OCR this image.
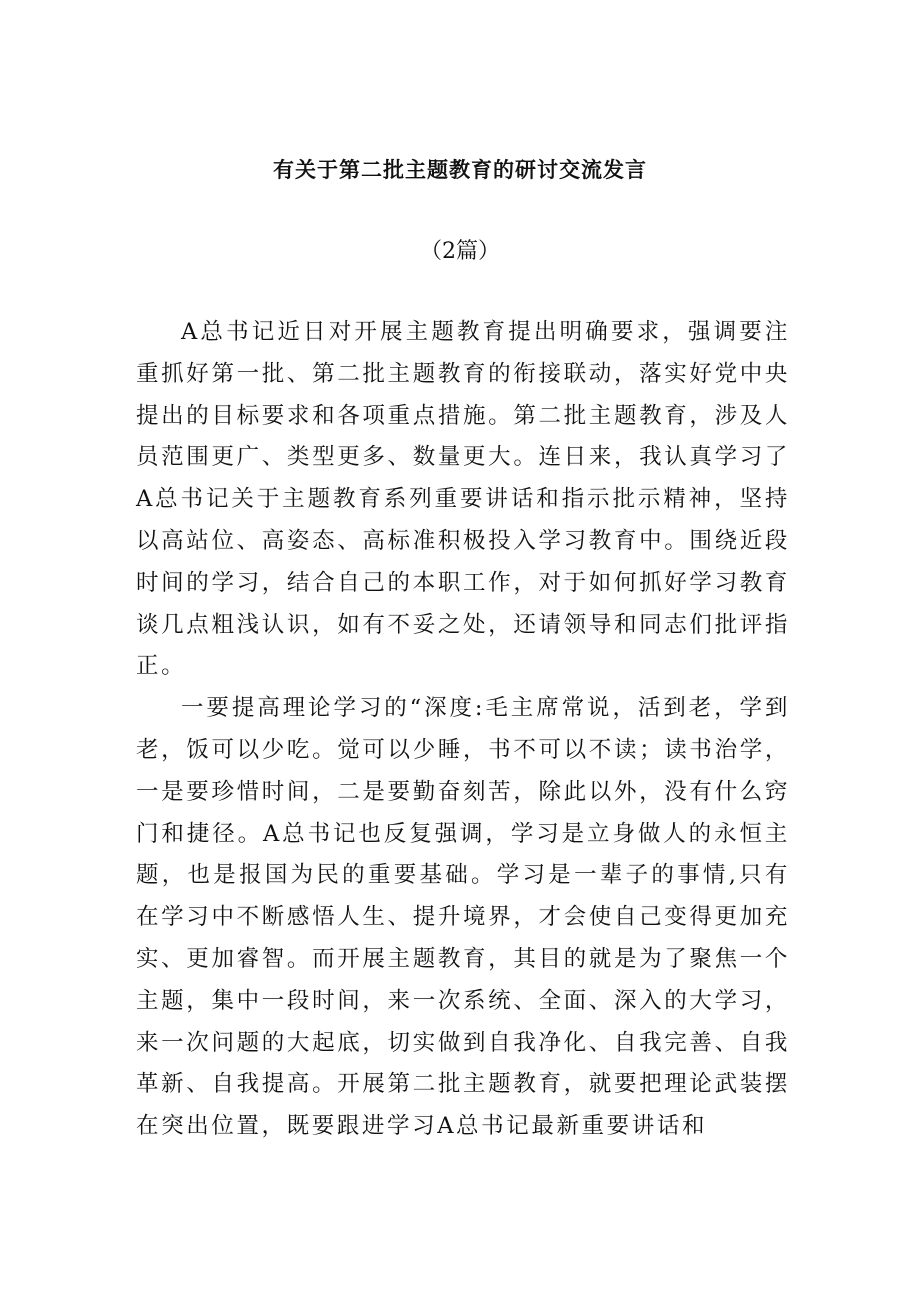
有关于第二批主题教育的研讨交流发言
（2篇）

A总书记近日对开展主题教育提出明确要求，强调要注重抓好第一批、第二批主题教育的衔接联动，落实好党中央提出的目标要求和各项重点措施。第二批主题教育，涉及人员范围更广、类型更多、数量更大。连日来，我认真学习了A总书记关于主题教育系列重要讲话和指示批示精神，坚持以高站位、高姿态、高标准积极投入学习教育中。围绕近段时间的学习，结合自己的本职工作，对于如何抓好学习教育谈几点粗浅认识，如有不妥之处，还请领导和同志们批评指正。

一要提高理论学习的“深度:毛主席常说，活到老，学到老，饭可以少吃。觉可以少睡，书不可以不读；读书治学，一是要珍惜时间，二是要勤奋刻苦，除此以外，没有什么窍门和捷径。A总书记也反复强调，学习是立身做人的永恒主题，也是报国为民的重要基础。学习是一辈子的事情,只有在学习中不断感悟人生、提升境界，才会使自己变得更加充实、更加睿智。而开展主题教育，其目的就是为了聚焦一个主题，集中一段时间，来一次系统、全面、深入的大学习，来一次问题的大起底，切实做到自我净化、自我完善、自我革新、自我提高。开展第二批主题教育，就要把理论武装摆在突出位置，既要跟进学习A总书记最新重要讲话和
